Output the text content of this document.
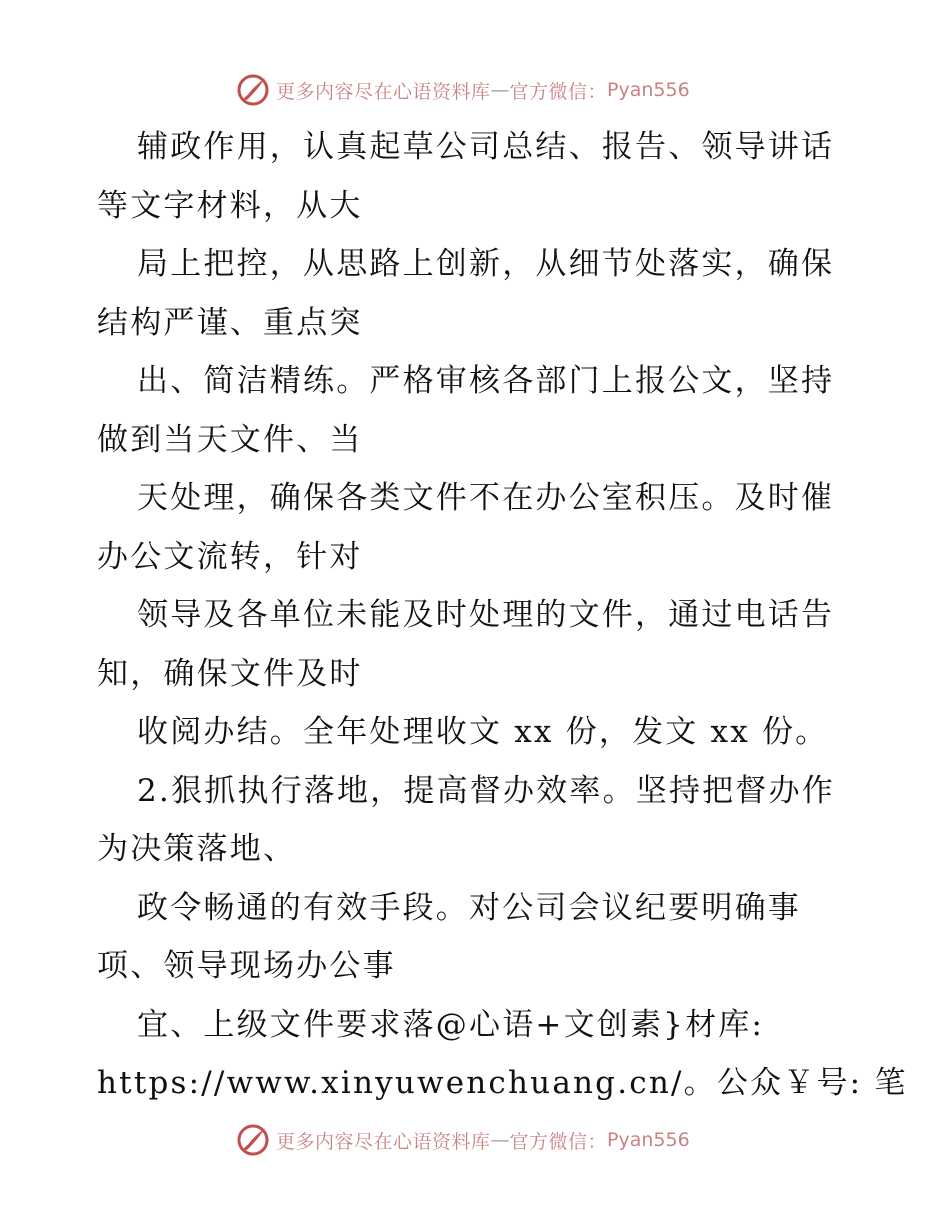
更多内容尽在心语资料库 — 官方微信： Pyan556
辅政作用，认真起草公司总结、报告、领导讲话
等文字材料，从大
局上把控，从思路上创新，从细节处落实，确保
结构严谨、重点突
出、简洁精练。严格审核各部门上报公文，坚持
做到当天文件、当
天处理，确保各类文件不在办公室积压。及时催
办公文流转，针对
领导及各单位未能及时处理的文件，通过电话告
知，确保文件及时
收阅办结。全年处理收文 xx 份，发文 xx 份。
2.狠抓执行落地，提高督办效率。坚持把督办作
为决策落地、
政令畅通的有效手段。对公司会议纪要明确事
项、领导现场办公事
宜、上级文件要求落@心语+文创素}材库:
https://www.xinyuwenchuang.cn/。公众￥号: 笔
更多内容尽在心语资料库 — 官方微信： Pyan556
